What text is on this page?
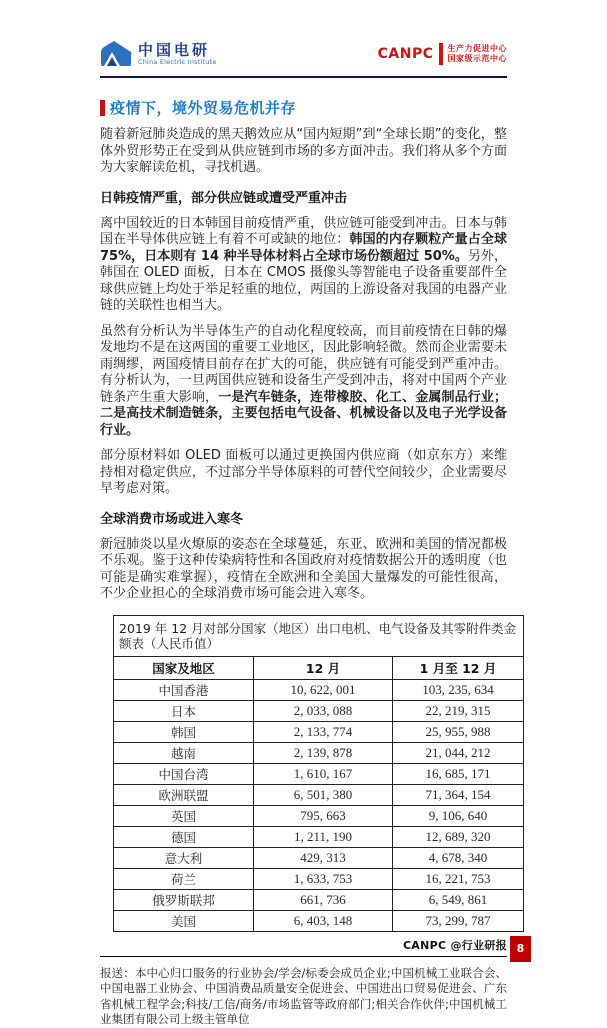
中国电研
China Electric Institute	CANPC 生产力促进中心
国家级示范中心
疫情下，境外贸易危机并存

随着新冠肺炎造成的黑天鹅效应从“国内短期”到“全球长期”的变化，整体外贸形势正在受到从供应链到市场的多方面冲击。我们将从多个方面为大家解读危机，寻找机遇。

日韩疫情严重，部分供应链或遭受严重冲击

离中国较近的日本韩国目前疫情严重，供应链可能受到冲击。日本与韩国在半导体供应链上有着不可或缺的地位：韩国的内存颗粒产量占全球 75%，日本则有 14 种半导体材料占全球市场份额超过 50%。另外，韩国在 OLED 面板，日本在 CMOS 摄像头等智能电子设备重要部件全球供应链上均处于举足轻重的地位，两国的上游设备对我国的电器产业链的关联性也相当大。

虽然有分析认为半导体生产的自动化程度较高，而目前疫情在日韩的爆发地均不是在这两国的重要工业地区，因此影响轻微。然而企业需要未雨绸缪，两国疫情目前存在扩大的可能，供应链有可能受到严重冲击。有分析认为，一旦两国供应链和设备生产受到冲击，将对中国两个产业链条产生重大影响，一是汽车链条，连带橡胶、化工、金属制品行业；二是高技术制造链条，主要包括电气设备、机械设备以及电子光学设备行业。

部分原材料如 OLED 面板可以通过更换国内供应商（如京东方）来维持相对稳定供应，不过部分半导体原料的可替代空间较少，企业需要尽早考虑对策。

全球消费市场或进入寒冬

新冠肺炎以星火燎原的姿态在全球蔓延，东亚、欧洲和美国的情况都极不乐观。鉴于这种传染病特性和各国政府对疫情数据公开的透明度（也可能是确实难掌握），疫情在全欧洲和全美国大量爆发的可能性很高，不少企业担心的全球消费市场可能会进入寒冬。

2019 年 12 月对部分国家（地区）出口电机、电气设备及其零附件类金额表（人民币值）		
国家及地区	12 月	1 月至 12 月
中国香港	10, 622, 001	103, 235, 634
日本	2, 033, 088	22, 219, 315
韩国	2, 133, 774	25, 955, 988
越南	2, 139, 878	21, 044, 212
中国台湾	1, 610, 167	16, 685, 171
欧洲联盟	6, 501, 380	71, 364, 154
英国	795, 663	9, 106, 640
德国	1, 211, 190	12, 689, 320
意大利	429, 313	4, 678, 340
荷兰	1, 633, 753	16, 221, 753
俄罗斯联邦	661, 736	6, 549, 861
美国	6, 403, 148	73, 299, 787
CANPC @行业研报 8

报送：本中心归口服务的行业协会/学会/标委会成员企业;中国机械工业联合会、中国电器工业协会、中国消费品质量安全促进会、中国进出口贸易促进会、广东省机械工程学会;科技/工信/商务/市场监管等政府部门;相关合作伙伴;中国机械工业集团有限公司上级主管单位
